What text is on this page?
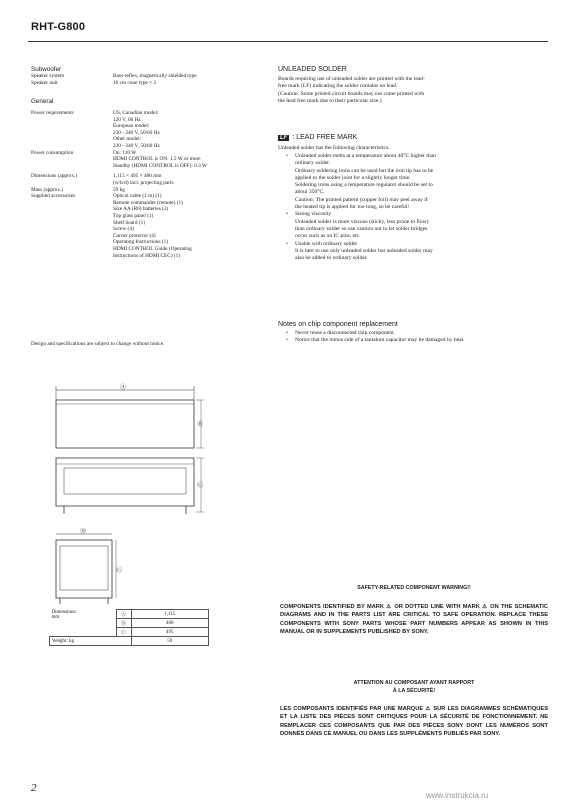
RHT-G800
Subwoofer
Speaker system	Bass-reflex, magnetically shielded type
Speaker unit	10 cm cone type × 2
General
Power requirements	US, Canadian model:
120 V, 60 Hz
European model:
230 - 240 V, 50/60 Hz
Other model:
220 - 240 V, 50/60 Hz
Power consumption	On: 110 W
HDMI CONTROL is ON: 1.5 W or more
Standby (HDMI CONTROL is OFF): 0.3 W
Dimensions (approx.)	1,115 × 495 × 400 mm
(w/h/d) incl. projecting parts
Mass (approx.)	59 kg
Supplied accessories	Optical cable (1 m) (1)
Remote commander (remote) (1)
Size AA (R6) batteries (2)
Top glass panel (1)
Shelf board (1)
Screw (4)
Corner protector (4)
Operating Instructions (1)
HDMI CONTROL Guide (Operating
Instructions of HDMI CEC) (1)
Design and specifications are subject to change without notice.
Ⓐ
Ⓑ
Ⓒ
Ⓑ
Ⓒ
Dimensions:
mm	Ⓐ	1,115
	Ⓑ	400
	Ⓒ	495
Weight: kg		59
UNLEADED SOLDER
Boards requiring use of unleaded solder are printed with the lead-
free mark (LF) indicating the solder contains no lead.
(Caution: Some printed circuit boards may not come printed with
the lead free mark due to their particular size.)
LF : LEAD FREE MARK
Unleaded solder has the following characteristics.
• Unleaded solder melts at a temperature about 40°C higher than
ordinary solder.
Ordinary soldering irons can be used but the iron tip has to be
applied to the solder joint for a slightly longer time.
Soldering irons using a temperature regulator should be set to
about 350°C.
Caution: The printed pattern (copper foil) may peel away if
the heated tip is applied for too long, so be careful!
• Strong viscosity
Unleaded solder is more viscous (sticky, less prone to flow)
than ordinary solder so use caution not to let solder bridges
occur such as on IC pins, etc.
• Usable with ordinary solder
It is best to use only unleaded solder but unleaded solder may
also be added to ordinary solder.
Notes on chip component replacement
• Never reuse a disconnected chip component.
• Notice that the minus side of a tantalum capacitor may be damaged by heat.
SAFETY-RELATED COMPONENT WARNING!!
COMPONENTS IDENTIFIED BY MARK ⚠ OR DOTTED LINE WITH MARK ⚠ ON THE SCHEMATIC DIAGRAMS AND IN THE PARTS LIST ARE CRITICAL TO SAFE OPERATION. REPLACE THESE COMPONENTS WITH SONY PARTS WHOSE PART NUMBERS APPEAR AS SHOWN IN THIS MANUAL OR IN SUPPLEMENTS PUBLISHED BY SONY.
ATTENTION AU COMPOSANT AYANT RAPPORT
À LA SÉCURITÉ!
LES COMPOSANTS IDENTIFIÉS PAR UNE MARQUE ⚠ SUR LES DIAGRAMMES SCHÉMATIQUES ET LA LISTE DES PIÈCES SONT CRITIQUES POUR LA SÉCURITÉ DE FONCTIONNEMENT. NE REMPLACER CES COMPOSANTS QUE PAR DES PIÈCES SONY DONT LES NUMÉROS SONT DONNÉS DANS CE MANUEL OU DANS LES SUPPLÉMENTS PUBLIÉS PAR SONY.
2
www.instrukcia.ru
